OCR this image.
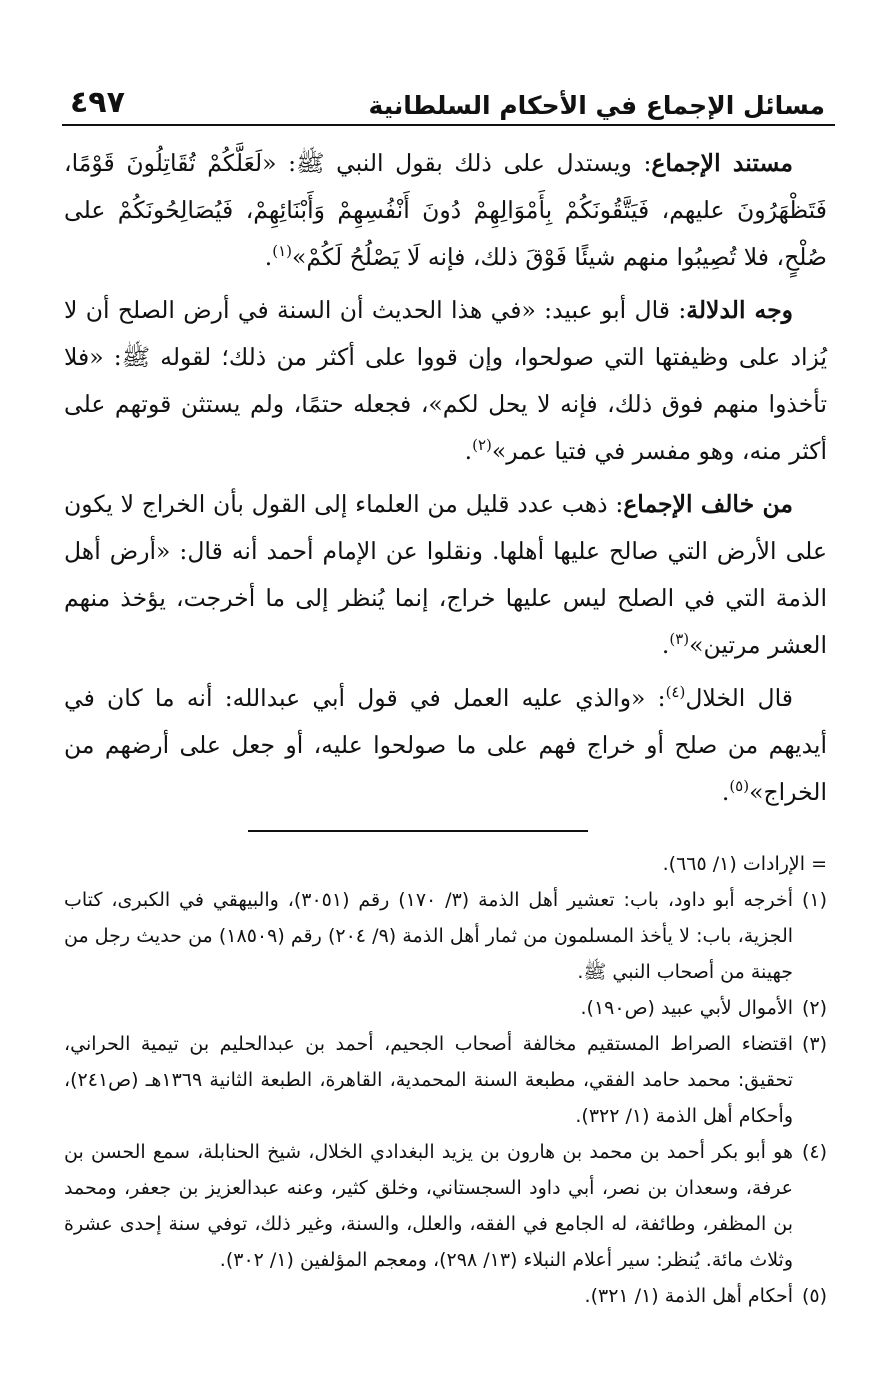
مسائل الإجماع في الأحكام السلطانية
٤٩٧

مستند الإجماع: ويستدل على ذلك بقول النبي ﷺ: «لَعَلَّكُمْ تُقَاتِلُونَ قَوْمًا، فَتَظْهَرُونَ عليهم، فَيَتَّقُونَكُمْ بِأَمْوَالِهِمْ دُونَ أَنْفُسِهِمْ وَأَبْنَائِهِمْ، فَيُصَالِحُونَكُمْ على صُلْحٍ، فلا تُصِيبُوا منهم شيئًا فَوْقَ ذلك، فإنه لَا يَصْلُحُ لَكُمْ»$^{(١)}$.

وجه الدلالة: قال أبو عبيد: «في هذا الحديث أن السنة في أرض الصلح أن لا يُزاد على وظيفتها التي صولحوا، وإن قووا على أكثر من ذلك؛ لقوله ﷺ: «فلا تأخذوا منهم فوق ذلك، فإنه لا يحل لكم»، فجعله حتمًا، ولم يستثن قوتهم على أكثر منه، وهو مفسر في فتيا عمر»$^{(٢)}$.

من خالف الإجماع: ذهب عدد قليل من العلماء إلى القول بأن الخراج لا يكون على الأرض التي صالح عليها أهلها. ونقلوا عن الإمام أحمد أنه قال: «أرض أهل الذمة التي في الصلح ليس عليها خراج، إنما يُنظر إلى ما أخرجت، يؤخذ منهم العشر مرتين»$^{(٣)}$.

قال الخلال$^{(٤)}$: «والذي عليه العمل في قول أبي عبدالله: أنه ما كان في أيديهم من صلح أو خراج فهم على ما صولحوا عليه، أو جعل على أرضهم من الخراج»$^{(٥)}$.

= الإرادات (١/ ٦٦٥).

(١)
أخرجه أبو داود، باب: تعشير أهل الذمة (٣/ ١٧٠) رقم (٣٠٥١)، والبيهقي في الكبرى، كتاب الجزية، باب: لا يأخذ المسلمون من ثمار أهل الذمة (٩/ ٢٠٤) رقم (١٨٥٠٩) من حديث رجل من جهينة من أصحاب النبي ﷺ.

(٢)
الأموال لأبي عبيد (ص١٩٠).

(٣)
اقتضاء الصراط المستقيم مخالفة أصحاب الجحيم، أحمد بن عبدالحليم بن تيمية الحراني، تحقيق: محمد حامد الفقي، مطبعة السنة المحمدية، القاهرة، الطبعة الثانية ١٣٦٩هـ (ص٢٤١)، وأحكام أهل الذمة (١/ ٣٢٢).

(٤)
هو أبو بكر أحمد بن محمد بن هارون بن يزيد البغدادي الخلال، شيخ الحنابلة، سمع الحسن بن عرفة، وسعدان بن نصر، أبي داود السجستاني، وخلق كثير، وعنه عبدالعزيز بن جعفر، ومحمد بن المظفر، وطائفة، له الجامع في الفقه، والعلل، والسنة، وغير ذلك، توفي سنة إحدى عشرة وثلاث مائة. يُنظر: سير أعلام النبلاء (١٣/ ٢٩٨)، ومعجم المؤلفين (١/ ٣٠٢).

(٥)
أحكام أهل الذمة (١/ ٣٢١).
